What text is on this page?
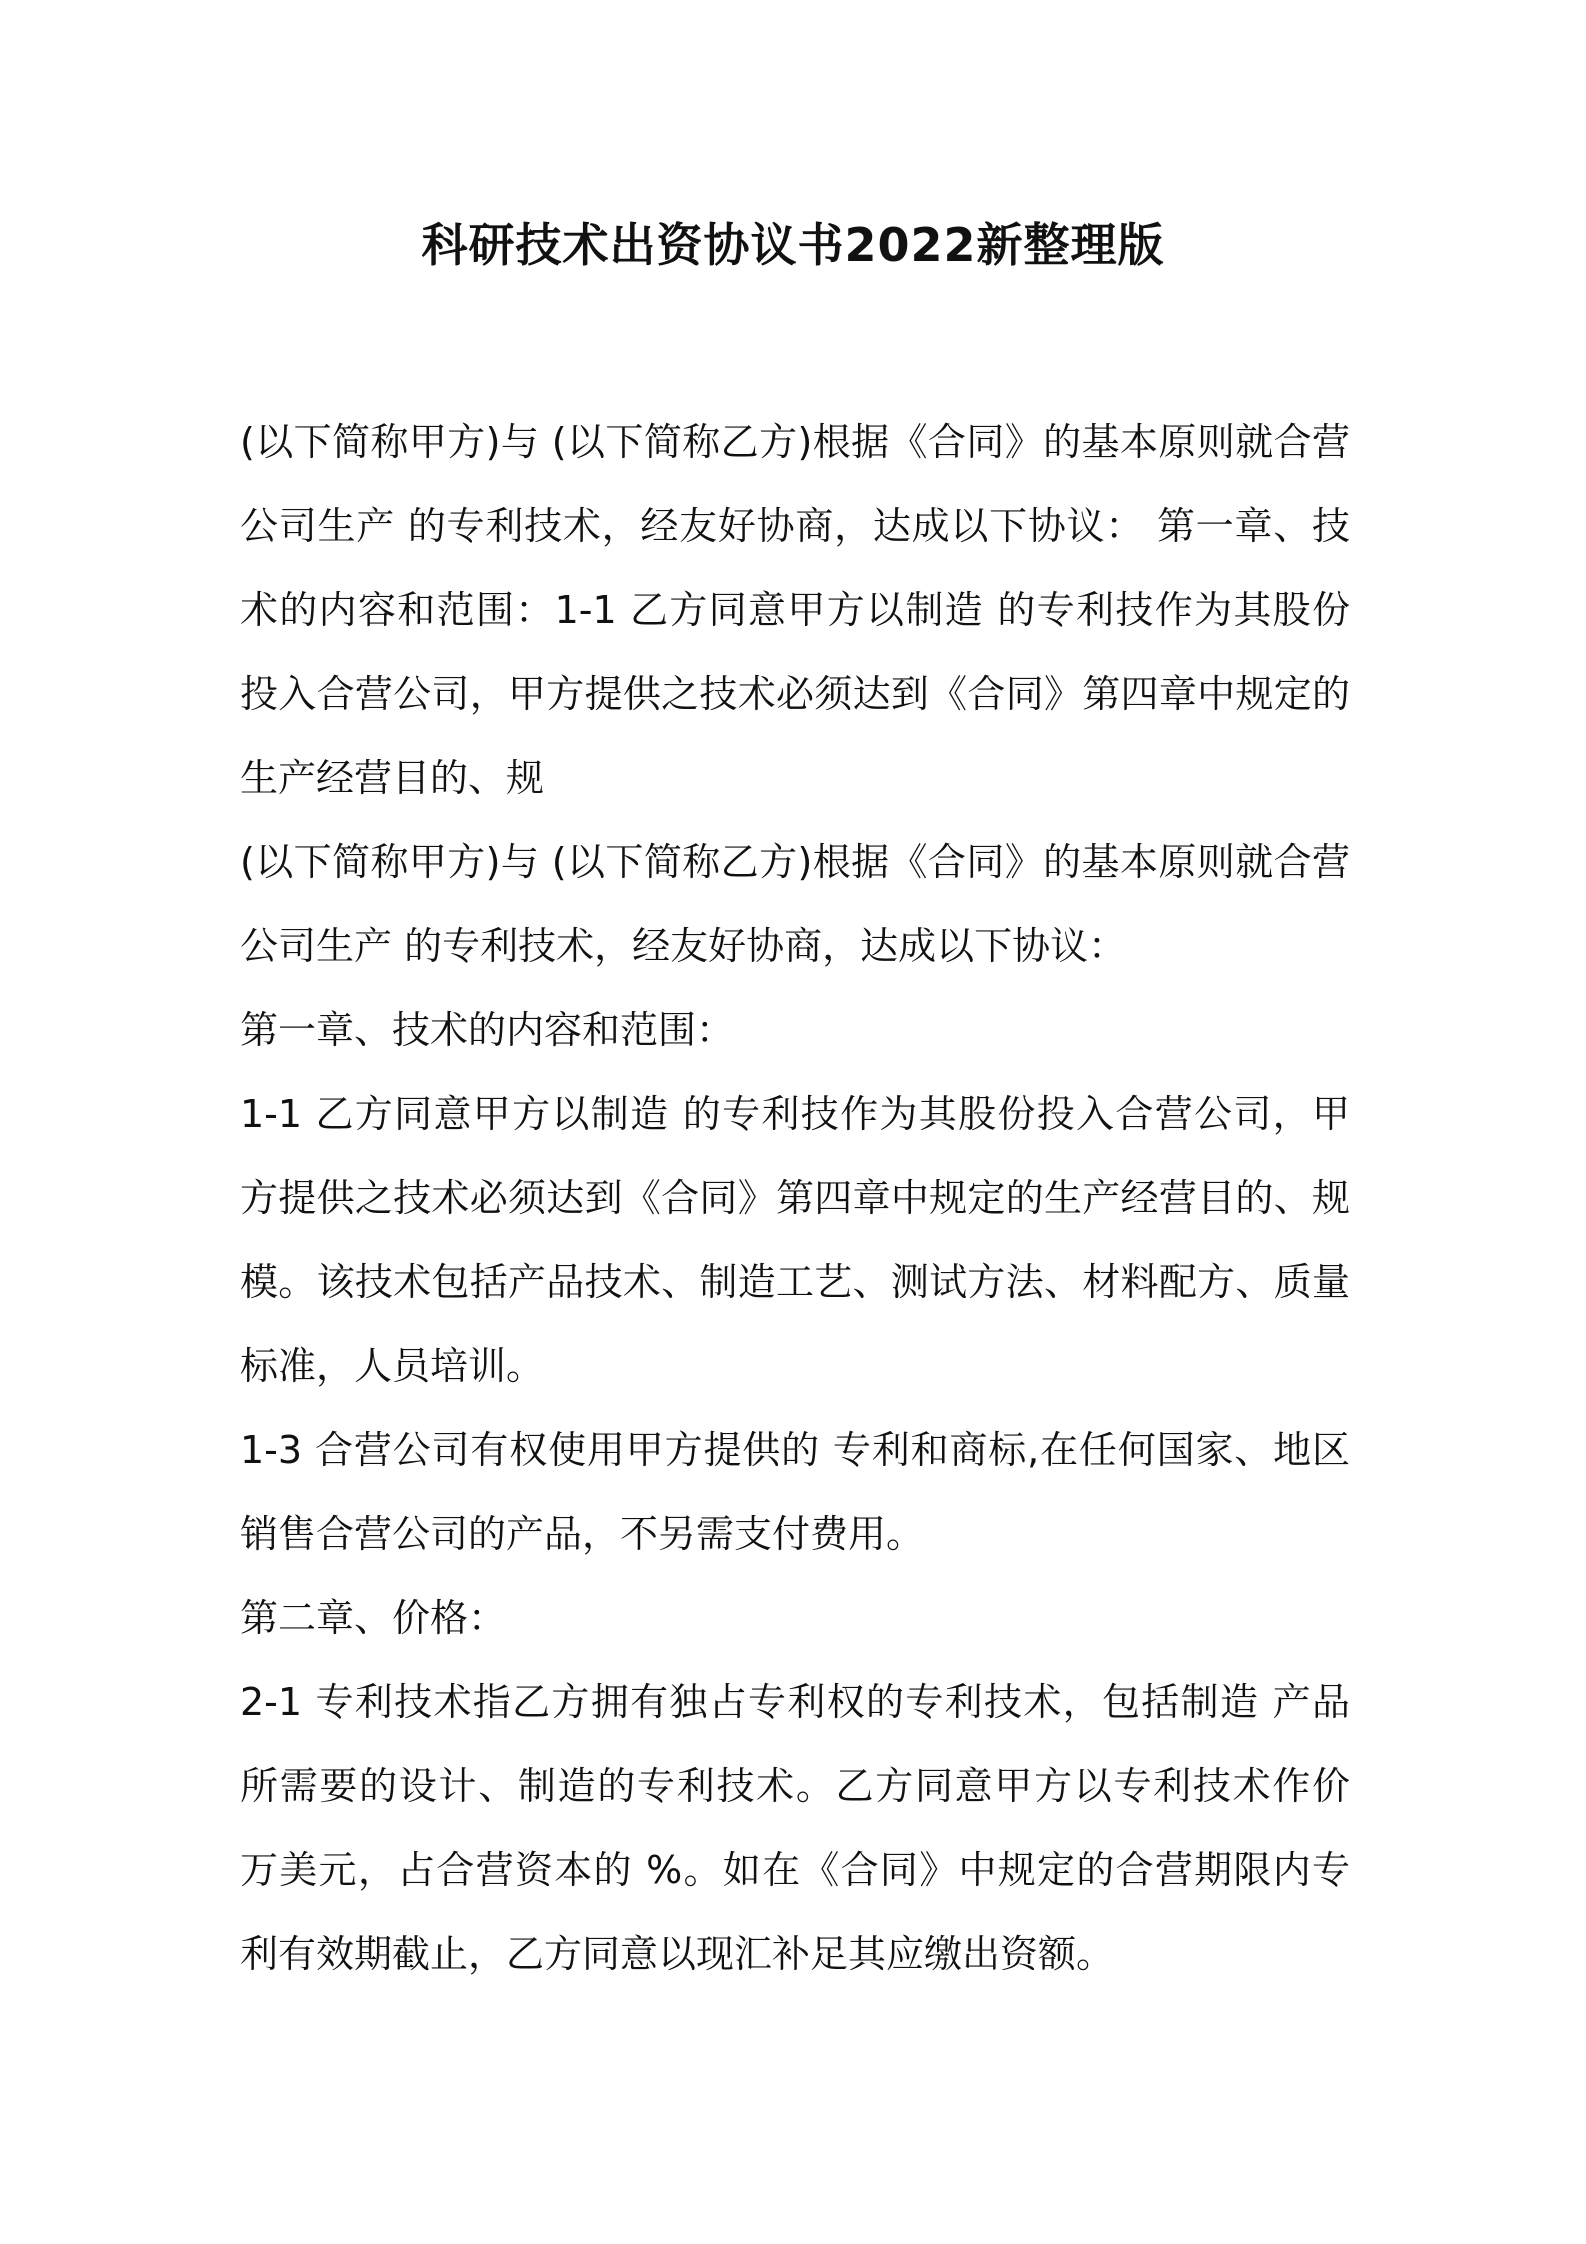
科研技术出资协议书2022新整理版

(以下简称甲方)与 (以下简称乙方)根据《合同》的基本原则就合营公司生产 的专利技术，经友好协商，达成以下协议： 第一章、技术的内容和范围：1-1 乙方同意甲方以制造 的专利技作为其股份投入合营公司，甲方提供之技术必须达到《合同》第四章中规定的生产经营目的、规

(以下简称甲方)与 (以下简称乙方)根据《合同》的基本原则就合营公司生产 的专利技术，经友好协商，达成以下协议：

第一章、技术的内容和范围：

1-1 乙方同意甲方以制造 的专利技作为其股份投入合营公司，甲方提供之技术必须达到《合同》第四章中规定的生产经营目的、规模。该技术包括产品技术、制造工艺、测试方法、材料配方、质量标准，人员培训。

1-3 合营公司有权使用甲方提供的 专利和商标,在任何国家、地区销售合营公司的产品，不另需支付费用。

第二章、价格：

2-1 专利技术指乙方拥有独占专利权的专利技术，包括制造 产品所需要的设计、制造的专利技术。乙方同意甲方以专利技术作价 万美元，占合营资本的 %。如在《合同》中规定的合营期限内专利有效期截止，乙方同意以现汇补足其应缴出资额。
